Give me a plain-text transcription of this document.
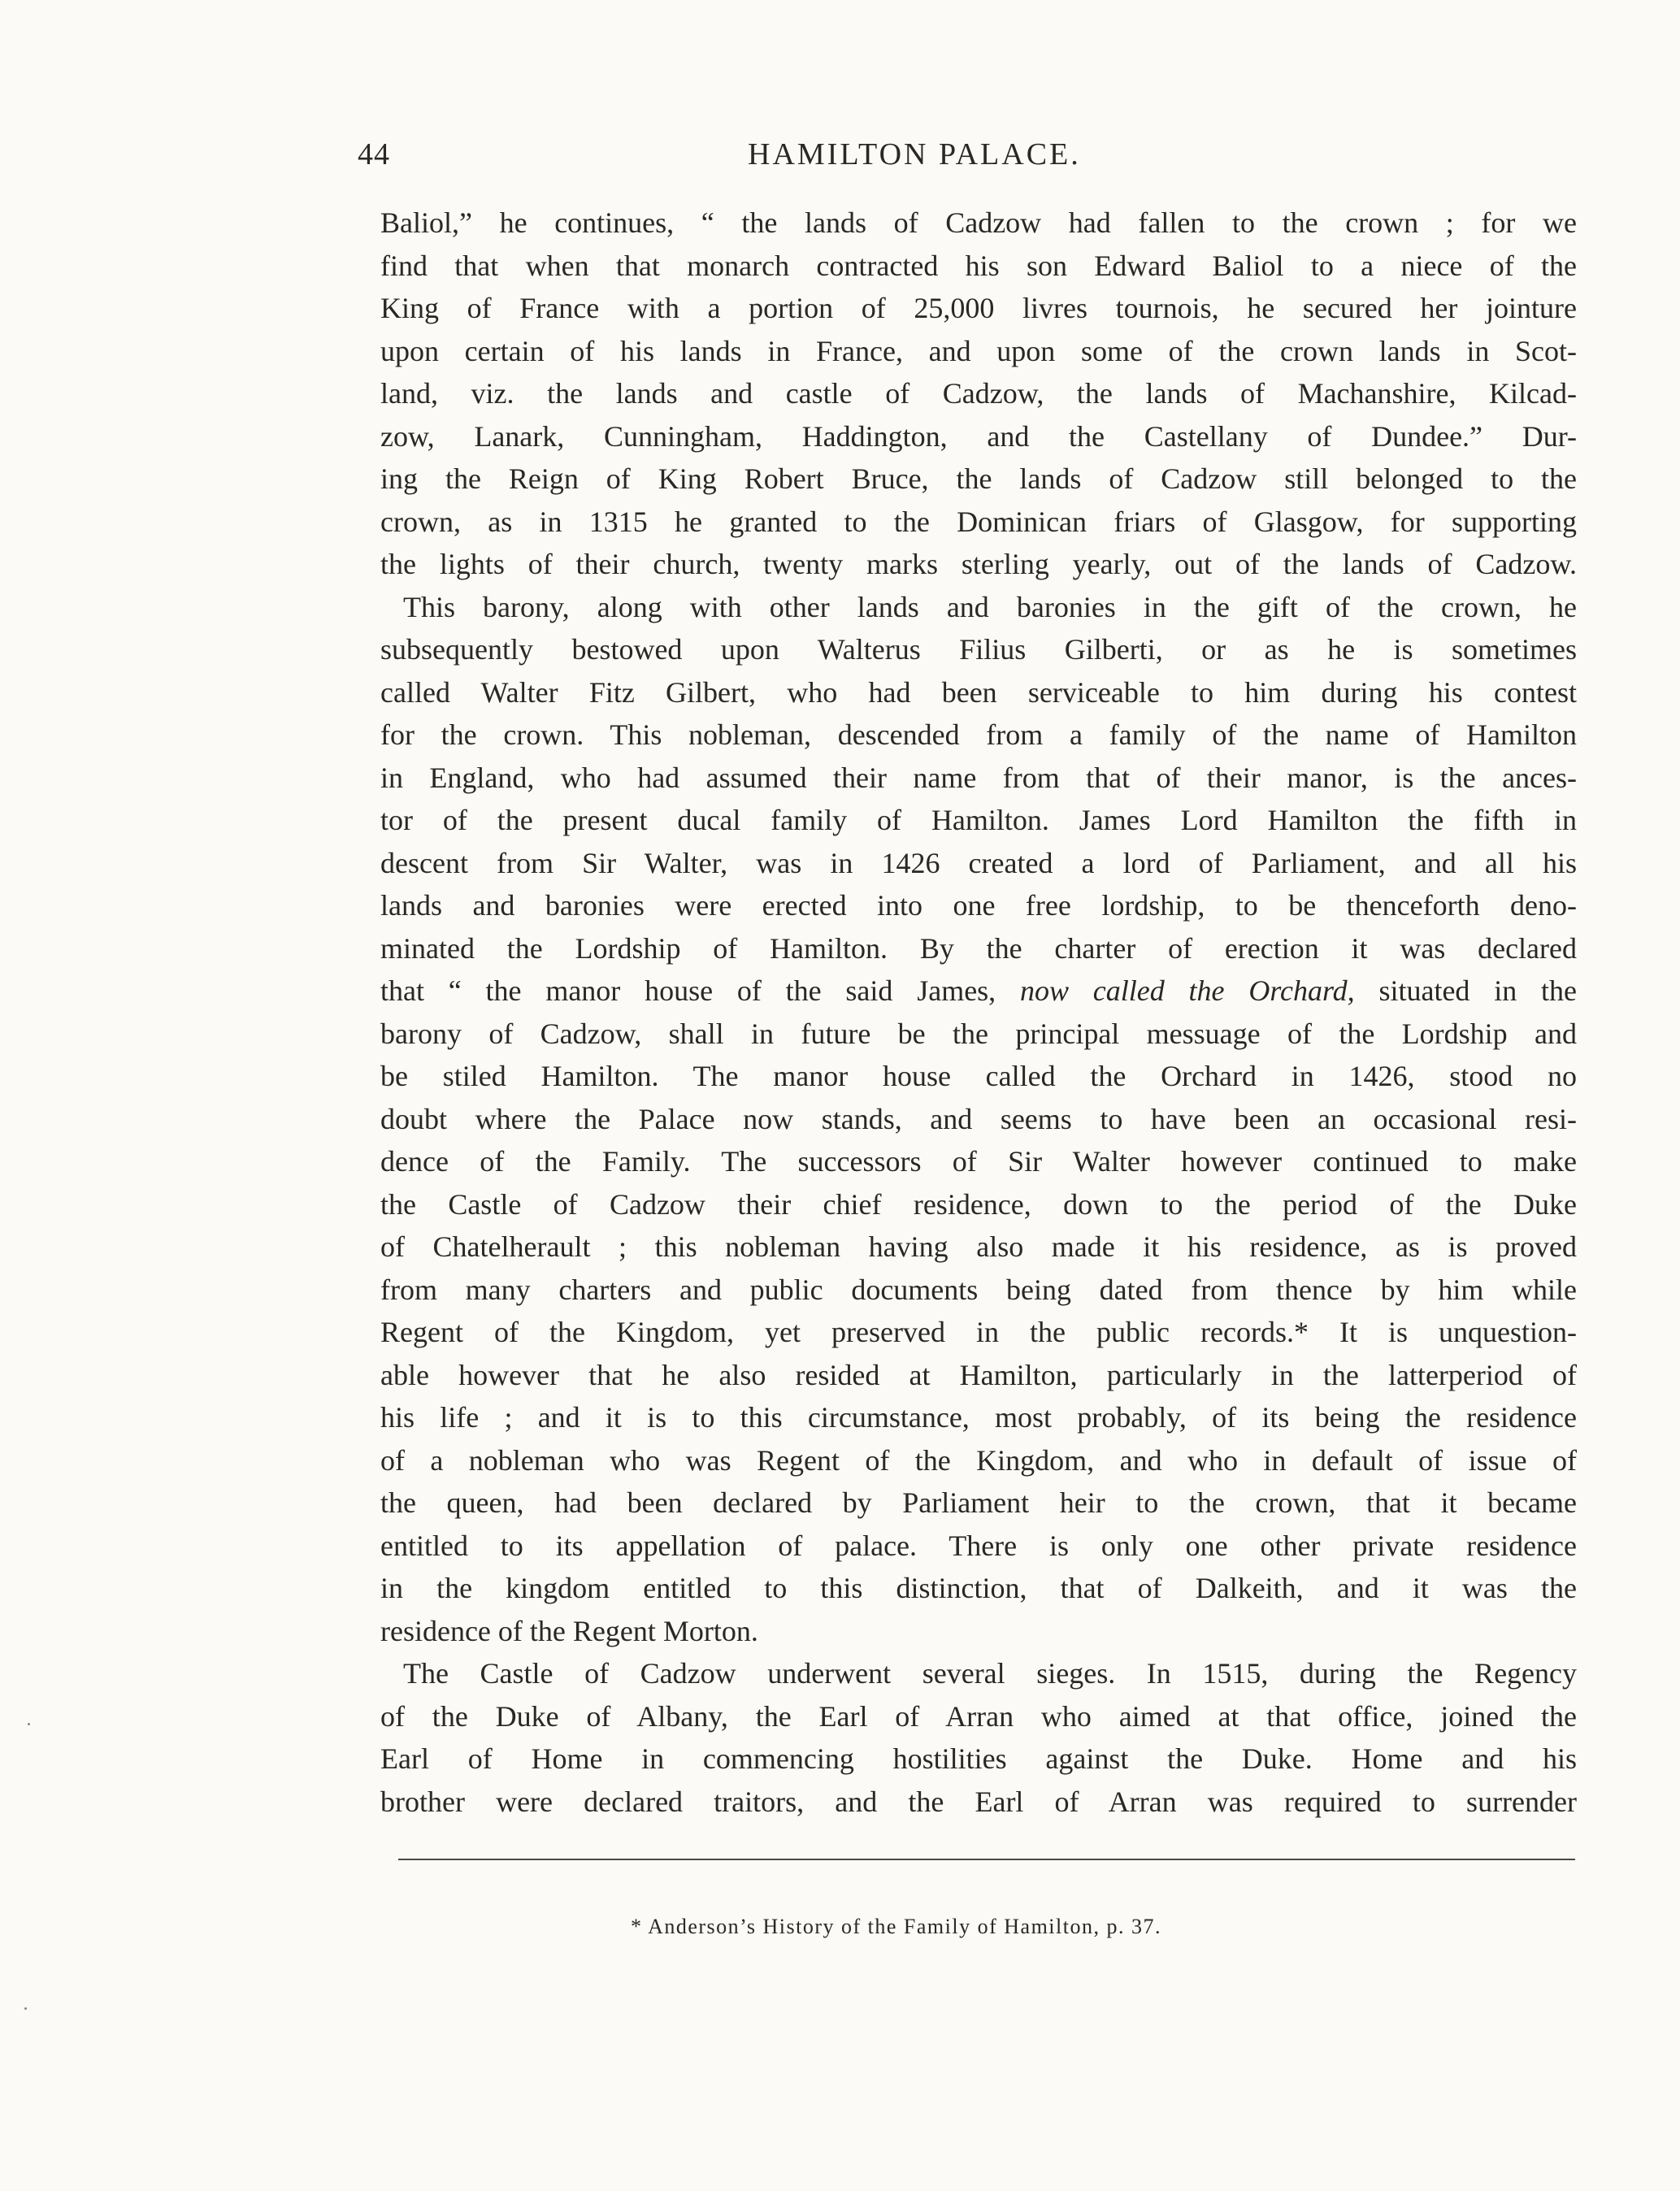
44	HAMILTON PALACE.
Baliol,” he continues, “ the lands of Cadzow had fallen to the crown ; for we
find that when that monarch contracted his son Edward Baliol to a niece of the
King of France with a portion of 25,000 livres tournois, he secured her jointure
upon certain of his lands in France, and upon some of the crown lands in Scot-
land, viz. the lands and castle of Cadzow, the lands of Machanshire, Kilcad-
zow, Lanark, Cunningham, Haddington, and the Castellany of Dundee.” Dur-
ing the Reign of King Robert Bruce, the lands of Cadzow still belonged to the
crown, as in 1315 he granted to the Dominican friars of Glasgow, for supporting
the lights of their church, twenty marks sterling yearly, out of the lands of Cadzow.
This barony, along with other lands and baronies in the gift of the crown, he
subsequently bestowed upon Walterus Filius Gilberti, or as he is sometimes
called Walter Fitz Gilbert, who had been serviceable to him during his contest
for the crown. This nobleman, descended from a family of the name of Hamilton
in England, who had assumed their name from that of their manor, is the ances-
tor of the present ducal family of Hamilton. James Lord Hamilton the fifth in
descent from Sir Walter, was in 1426 created a lord of Parliament, and all his
lands and baronies were erected into one free lordship, to be thenceforth deno-
minated the Lordship of Hamilton. By the charter of erection it was declared
that “ the manor house of the said James, now called the Orchard, situated in the
barony of Cadzow, shall in future be the principal messuage of the Lordship and
be stiled Hamilton. The manor house called the Orchard in 1426, stood no
doubt where the Palace now stands, and seems to have been an occasional resi-
dence of the Family. The successors of Sir Walter however continued to make
the Castle of Cadzow their chief residence, down to the period of the Duke
of Chatelherault ; this nobleman having also made it his residence, as is proved
from many charters and public documents being dated from thence by him while
Regent of the Kingdom, yet preserved in the public records.* It is unquestion-
able however that he also resided at Hamilton, particularly in the latterperiod of
his life ; and it is to this circumstance, most probably, of its being the residence
of a nobleman who was Regent of the Kingdom, and who in default of issue of
the queen, had been declared by Parliament heir to the crown, that it became
entitled to its appellation of palace. There is only one other private residence
in the kingdom entitled to this distinction, that of Dalkeith, and it was the
residence of the Regent Morton.
The Castle of Cadzow underwent several sieges. In 1515, during the Regency
of the Duke of Albany, the Earl of Arran who aimed at that office, joined the
Earl of Home in commencing hostilities against the Duke. Home and his
brother were declared traitors, and the Earl of Arran was required to surrender
* Anderson’s History of the Family of Hamilton, p. 37.
